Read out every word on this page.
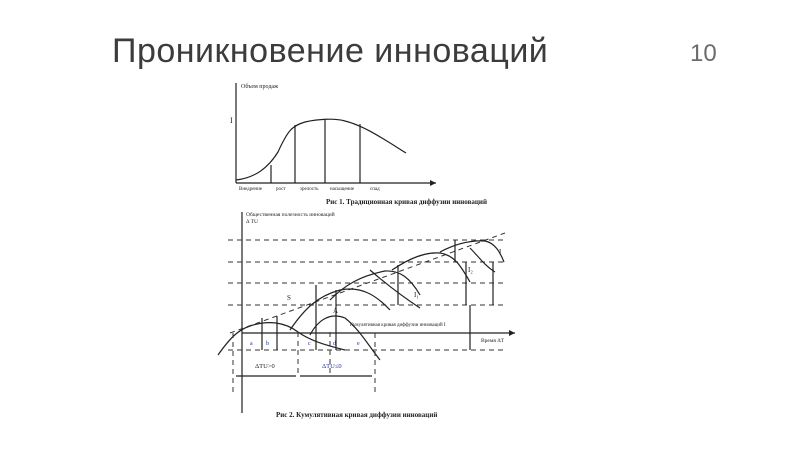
Проникновение инноваций	10
Объем продаж
I
Внедрение	рост	зрелость насыщение	спад
Рис 1. Традиционная кривая диффузии инноваций
Общественная полезность инноваций
Δ TU
Время ΔT
S
A
I₁
I₂
I
Кумулятивная кривая диффузии инноваций I
a b	c	d	e
ΔTU>0	ΔTU≤0
Рис 2. Кумулятивная кривая диффузии инноваций
